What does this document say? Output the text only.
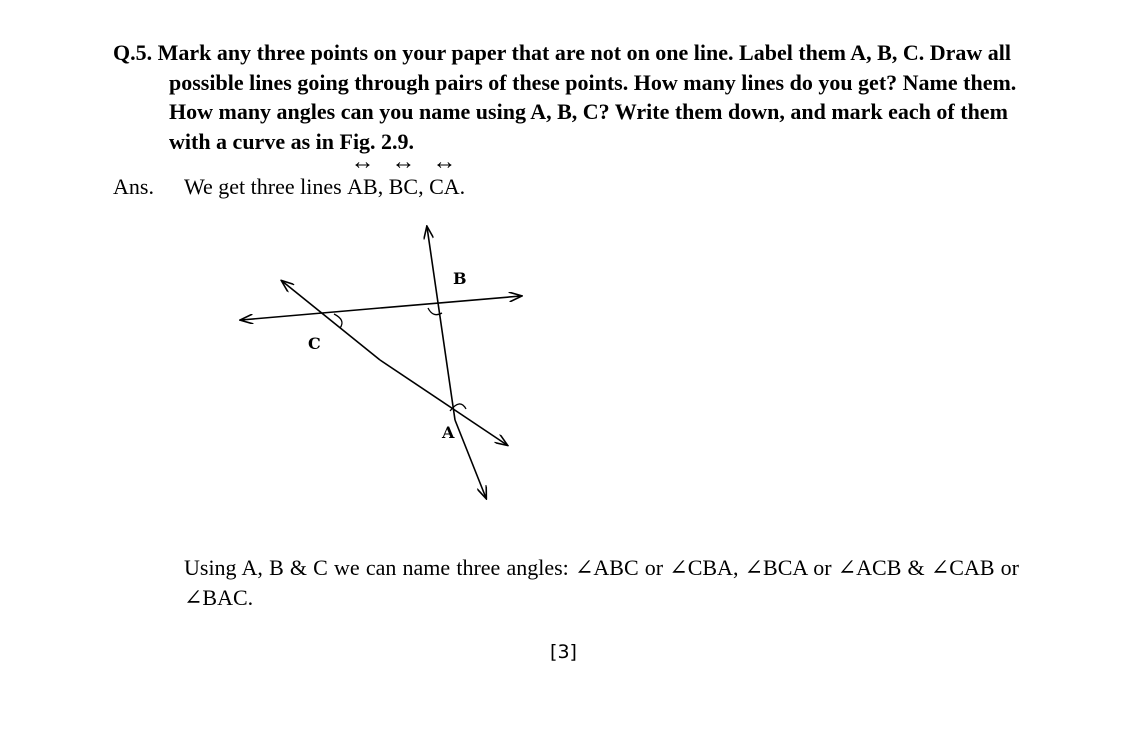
Q.5. Mark any three points on your paper that are not on one line. Label them A, B, C. Draw all possible lines going through pairs of these points. How many lines do you get? Name them. How many angles can you name using A, B, C? Write them down, and mark each of them with a curve as in Fig. 2.9.
Ans. We get three lines
↔
AB,
↔
BC,
↔
CA.
B
C
A
Using A, B & C we can name three angles: ∠ABC or ∠CBA, ∠BCA or ∠ACB & ∠CAB or ∠BAC.
[3]
